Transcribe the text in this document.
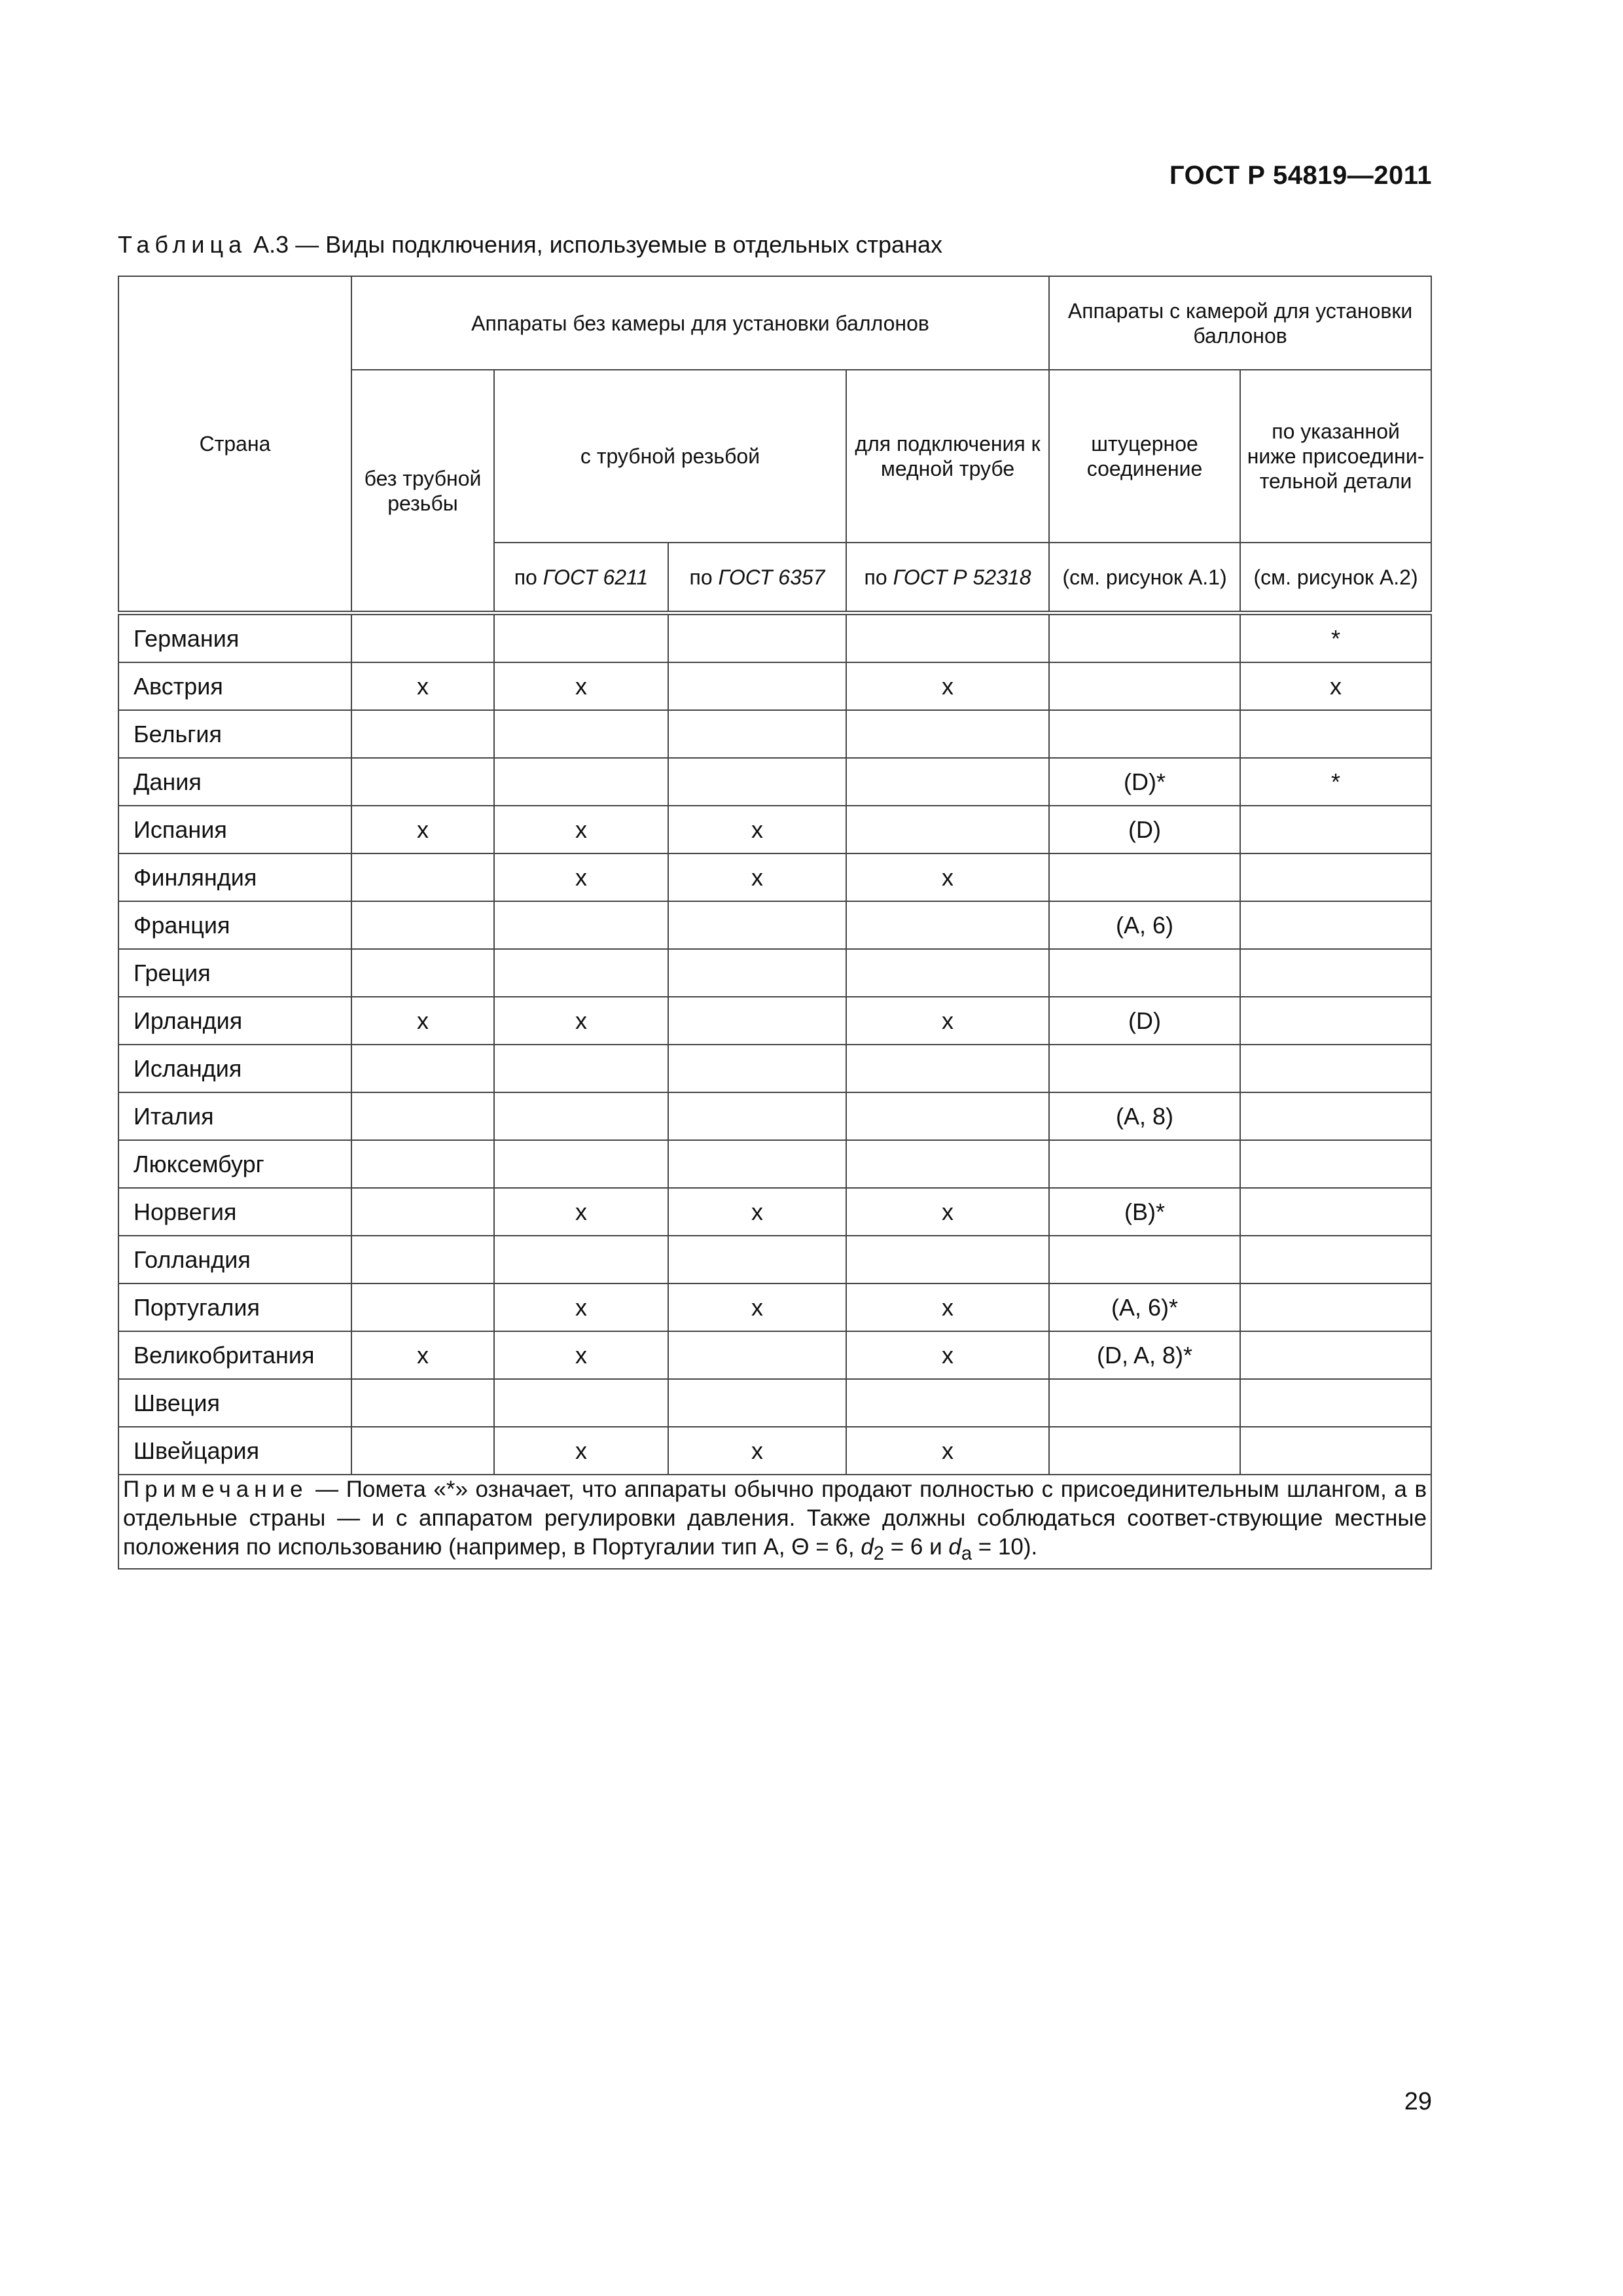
ГОСТ Р 54819—2011
Таблица А.3 — Виды подключения, используемые в отдельных странах
Страна	Аппараты без камеры для установки баллонов				Аппараты с камерой для установки баллонов	
	без трубной резьбы	с трубной резьбой		для подключения к медной трубе	штуцерное соединение	по указанной ниже присоедини-тельной детали
		по ГОСТ 6211	по ГОСТ 6357	по ГОСТ Р 52318	(см. рисунок А.1)	(см. рисунок А.2)
Германия						*
Австрия	x	x		x		x
Бельгия						
Дания					(D)*	*
Испания	x	x	x		(D)	
Финляндия		x	x	x		
Франция					(A, 6)	
Греция						
Ирландия	x	x		x	(D)	
Исландия						
Италия					(A, 8)	
Люксембург						
Норвегия		x	x	x	(B)*	
Голландия						
Португалия		x	x	x	(A, 6)*	
Великобритания	x	x		x	(D, A, 8)*	
Швеция						
Швейцария		x	x	x		
Примечание — Помета «*» означает, что аппараты обычно продают полностью с присоединительным шлангом, а в отдельные страны — и с аппаратом регулировки давления. Также должны соблюдаться соответ-ствующие местные положения по использованию (например, в Португалии тип А, Θ = 6, $d_2 = 6$ и $d_a = 10$).						
29
